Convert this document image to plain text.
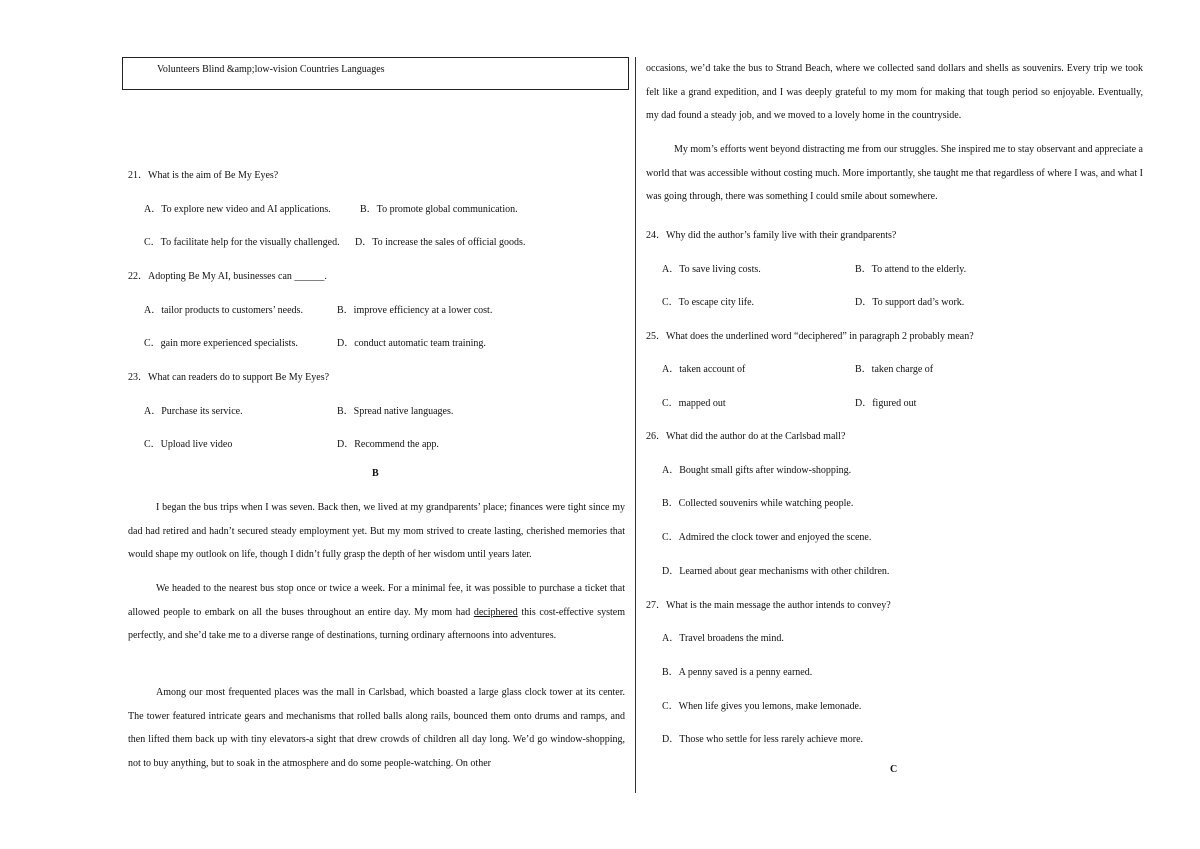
Volunteers Blind &amp;low-vision Countries Languages
21．What is the aim of Be My Eyes?
A．To explore new video and AI applications.	B．To promote global communication.
C．To facilitate help for the visually challenged. D．To increase the sales of official goods.
22．Adopting Be My AI, businesses can ______.
A．tailor products to customers’ needs.	B．improve efficiency at a lower cost.
C．gain more experienced specialists.	D．conduct automatic team training.
23．What can readers do to support Be My Eyes?
A．Purchase its service.	B．Spread native languages.
C．Upload live video	D．Recommend the app.
B
I began the bus trips when I was seven. Back then, we lived at my grandparents’ place; finances were tight since my dad had retired and hadn’t secured steady employment yet. But my mom strived to create lasting, cherished memories that would shape my outlook on life, though I didn’t fully grasp the depth of her wisdom until years later.
We headed to the nearest bus stop once or twice a week. For a minimal fee, it was possible to purchase a ticket that allowed people to embark on all the buses throughout an entire day. My mom had deciphered this cost-effective system perfectly, and she’d take me to a diverse range of destinations, turning ordinary afternoons into adventures.
Among our most frequented places was the mall in Carlsbad, which boasted a large glass clock tower at its center. The tower featured intricate gears and mechanisms that rolled balls along rails, bounced them onto drums and ramps, and then lifted them back up with tiny elevators-a sight that drew crowds of children all day long. We’d go window-shopping, not to buy anything, but to soak in the atmosphere and do some people-watching. On other
occasions, we’d take the bus to Strand Beach, where we collected sand dollars and shells as souvenirs. Every trip we took felt like a grand expedition, and I was deeply grateful to my mom for making that tough period so enjoyable. Eventually, my dad found a steady job, and we moved to a lovely home in the countryside.
My mom’s efforts went beyond distracting me from our struggles. She inspired me to stay observant and appreciate a world that was accessible without costing much. More importantly, she taught me that regardless of where I was, and what I was going through, there was something I could smile about somewhere.
24．Why did the author’s family live with their grandparents?
A．To save living costs.	B．To attend to the elderly.
C．To escape city life.	D．To support dad’s work.
25．What does the underlined word “deciphered” in paragraph 2 probably mean?
A．taken account of	B．taken charge of
C．mapped out	D．figured out
26．What did the author do at the Carlsbad mall?
A．Bought small gifts after window-shopping.
B．Collected souvenirs while watching people.
C．Admired the clock tower and enjoyed the scene.
D．Learned about gear mechanisms with other children.
27．What is the main message the author intends to convey?
A．Travel broadens the mind.
B．A penny saved is a penny earned.
C．When life gives you lemons, make lemonade.
D．Those who settle for less rarely achieve more.
C
